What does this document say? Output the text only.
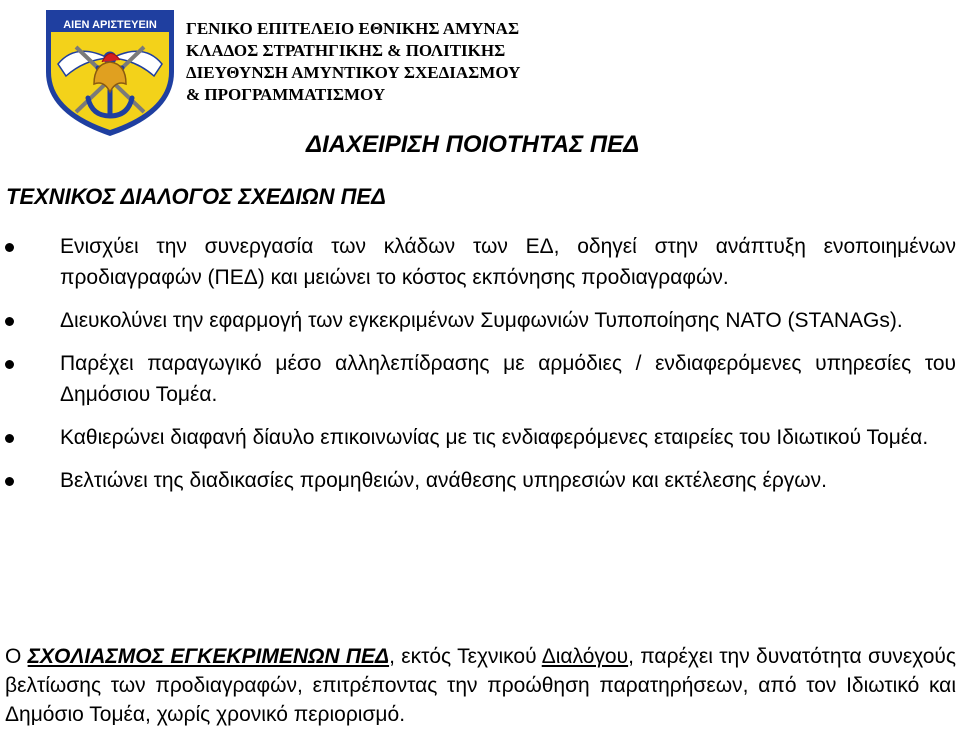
ΑΙΕΝ ΑΡΙΣΤΕΥΕΙΝ ΓΕΝΙΚΟ ΕΠΙΤΕΛΕΙΟ ΕΘΝΙΚΗΣ ΑΜΥΝΑΣ
ΚΛΑΔΟΣ ΣΤΡΑΤΗΓΙΚΗΣ & ΠΟΛΙΤΙΚΗΣ
ΔΙΕΥΘΥΝΣΗ ΑΜΥΝΤΙΚΟΥ ΣΧΕΔΙΑΣΜΟΥ
& ΠΡΟΓΡΑΜΜΑΤΙΣΜΟΥ
ΔΙΑΧΕΙΡΙΣΗ ΠΟΙΟΤΗΤΑΣ ΠΕΔ
ΤΕΧΝΙΚΟΣ ΔΙΑΛΟΓΟΣ ΣΧΕΔΙΩΝ ΠΕΔ
Ενισχύει την συνεργασία των κλάδων των ΕΔ, οδηγεί στην ανάπτυξη ενοποιημένων προδιαγραφών (ΠΕΔ) και μειώνει το κόστος εκπόνησης προδιαγραφών.
Διευκολύνει την εφαρμογή των εγκεκριμένων Συμφωνιών Τυποποίησης ΝΑΤΟ (STANAGs).
Παρέχει παραγωγικό μέσο αλληλεπίδρασης με αρμόδιες / ενδιαφερόμενες υπηρεσίες του Δημόσιου Τομέα.
Καθιερώνει διαφανή δίαυλο επικοινωνίας με τις ενδιαφερόμενες εταιρείες του Ιδιωτικού Τομέα.
Βελτιώνει της διαδικασίες προμηθειών, ανάθεσης υπηρεσιών και εκτέλεσης έργων.

Ο ΣΧΟΛΙΑΣΜΟΣ ΕΓΚΕΚΡΙΜΕΝΩΝ ΠΕΔ, εκτός Τεχνικού Διαλόγου, παρέχει την δυνατότητα συνεχούς βελτίωσης των προδιαγραφών, επιτρέποντας την προώθηση παρατηρήσεων, από τον Ιδιωτικό και Δημόσιο Τομέα, χωρίς χρονικό περιορισμό.
